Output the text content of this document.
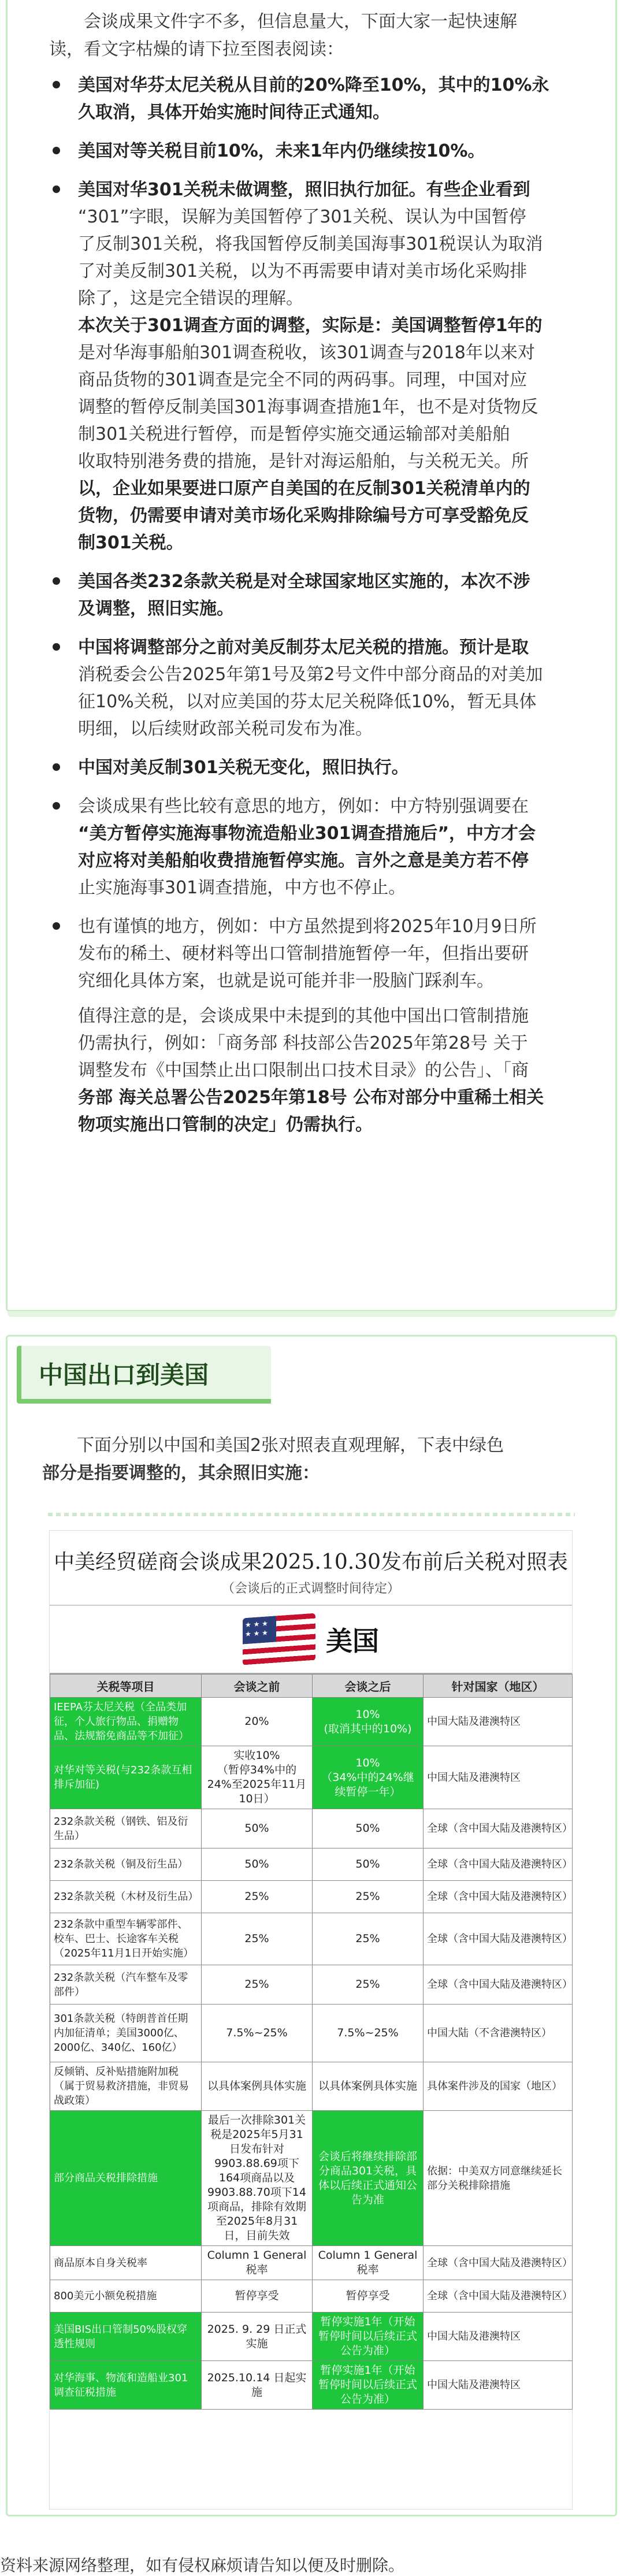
会谈成果文件字不多，但信息量大，下面大家一起快速解
读，看文字枯燥的请下拉至图表阅读：
美国对华芬太尼关税从目前的20%降至10%，其中的10%永
久取消，具体开始实施时间待正式通知。
美国对等关税目前10%，未来1年内仍继续按10%。
美国对华301关税未做调整，照旧执行加征。有些企业看到
“301”字眼，误解为美国暂停了301关税、误认为中国暂停
了反制301关税，将我国暂停反制美国海事301税误认为取消
了对美反制301关税，以为不再需要申请对美市场化采购排
除了，这是完全错误的理解。
本次关于301调查方面的调整，实际是：美国调整暂停1年的
是对华海事船舶301调查税收，该301调查与2018年以来对
商品货物的301调查是完全不同的两码事。同理，中国对应
调整的暂停反制美国301海事调查措施1年，也不是对货物反
制301关税进行暂停，而是暂停实施交通运输部对美船舶
收取特别港务费的措施，是针对海运船舶，与关税无关。所
以，企业如果要进口原产自美国的在反制301关税清单内的
货物，仍需要申请对美市场化采购排除编号方可享受豁免反
制301关税。
美国各类232条款关税是对全球国家地区实施的，本次不涉
及调整，照旧实施。
中国将调整部分之前对美反制芬太尼关税的措施。预计是取
消税委会公告2025年第1号及第2号文件中部分商品的对美加
征10%关税，以对应美国的芬太尼关税降低10%，暂无具体
明细，以后续财政部关税司发布为准。
中国对美反制301关税无变化，照旧执行。
会谈成果有些比较有意思的地方，例如：中方特别强调要在
“美方暂停实施海事物流造船业301调查措施后”，中方才会
对应将对美船舶收费措施暂停实施。言外之意是美方若不停
止实施海事301调查措施，中方也不停止。
也有谨慎的地方，例如：中方虽然提到将2025年10月9日所
发布的稀土、硬材料等出口管制措施暂停一年，但指出要研
究细化具体方案，也就是说可能并非一股脑门踩刹车。
值得注意的是，会谈成果中未提到的其他中国出口管制措施
仍需执行，例如：「商务部 科技部公告2025年第28号 关于
调整发布《中国禁止出口限制出口技术目录》的公告」、「商
务部 海关总署公告2025年第18号 公布对部分中重稀土相关
物项实施出口管制的决定」仍需执行。
中国出口到美国
下面分别以中国和美国2张对照表直观理解，下表中绿色
部分是指要调整的，其余照旧实施：
中美经贸磋商会谈成果2025.10.30发布前后关税对照表
（会谈后的正式调整时间待定）
★ ★ ★ ★ ★ ★
美国
关税等项目	会谈之前	会谈之后	针对国家（地区）
IEEPA芬太尼关税（全品类加征，个人旅行物品、捐赠物品、法规豁免商品等不加征）	20%	10%
(取消其中的10%)	中国大陆及港澳特区
对华对等关税(与232条款互相排斥加征)	实收10%
（暂停34%中的24%至2025年11月10日）	10%
（34%中的24%继续暂停一年）	中国大陆及港澳特区
232条款关税（钢铁、铝及衍生品）	50%	50%	全球（含中国大陆及港澳特区）
232条款关税（铜及衍生品）	50%	50%	全球（含中国大陆及港澳特区）
232条款关税（木材及衍生品）	25%	25%	全球（含中国大陆及港澳特区）
232条款中重型车辆零部件、校车、巴士、长途客车关税（2025年11月1日开始实施）	25%	25%	全球（含中国大陆及港澳特区）
232条款关税（汽车整车及零部件）	25%	25%	全球（含中国大陆及港澳特区）
301条款关税（特朗普首任期内加征清单；美国3000亿、2000亿、340亿、160亿）	7.5%~25%	7.5%~25%	中国大陆（不含港澳特区）
反倾销、反补贴措施附加税（属于贸易救济措施，非贸易战政策）	以具体案例具体实施	以具体案例具体实施	具体案件涉及的国家（地区）
部分商品关税排除措施	最后一次排除301关税是2025年5月31日发布针对9903.88.69项下164项商品以及9903.88.70项下14项商品，排除有效期至2025年8月31日，目前失效	会谈后将继续排除部分商品301关税，具体以后续正式通知公告为准	依据：中美双方同意继续延长部分关税排除措施
商品原本自身关税率	Column 1 General税率	Column 1 General税率	全球（含中国大陆及港澳特区）
800美元小额免税措施	暂停享受	暂停享受	全球（含中国大陆及港澳特区）
美国BIS出口管制50%股权穿透性规则	2025. 9. 29 日正式实施	暂停实施1年（开始暂停时间以后续正式公告为准）	中国大陆及港澳特区
对华海事、物流和造船业301调查征税措施	2025.10.14 日起实施	暂停实施1年（开始暂停时间以后续正式公告为准）	中国大陆及港澳特区
资料来源网络整理，如有侵权麻烦请告知以便及时删除。
